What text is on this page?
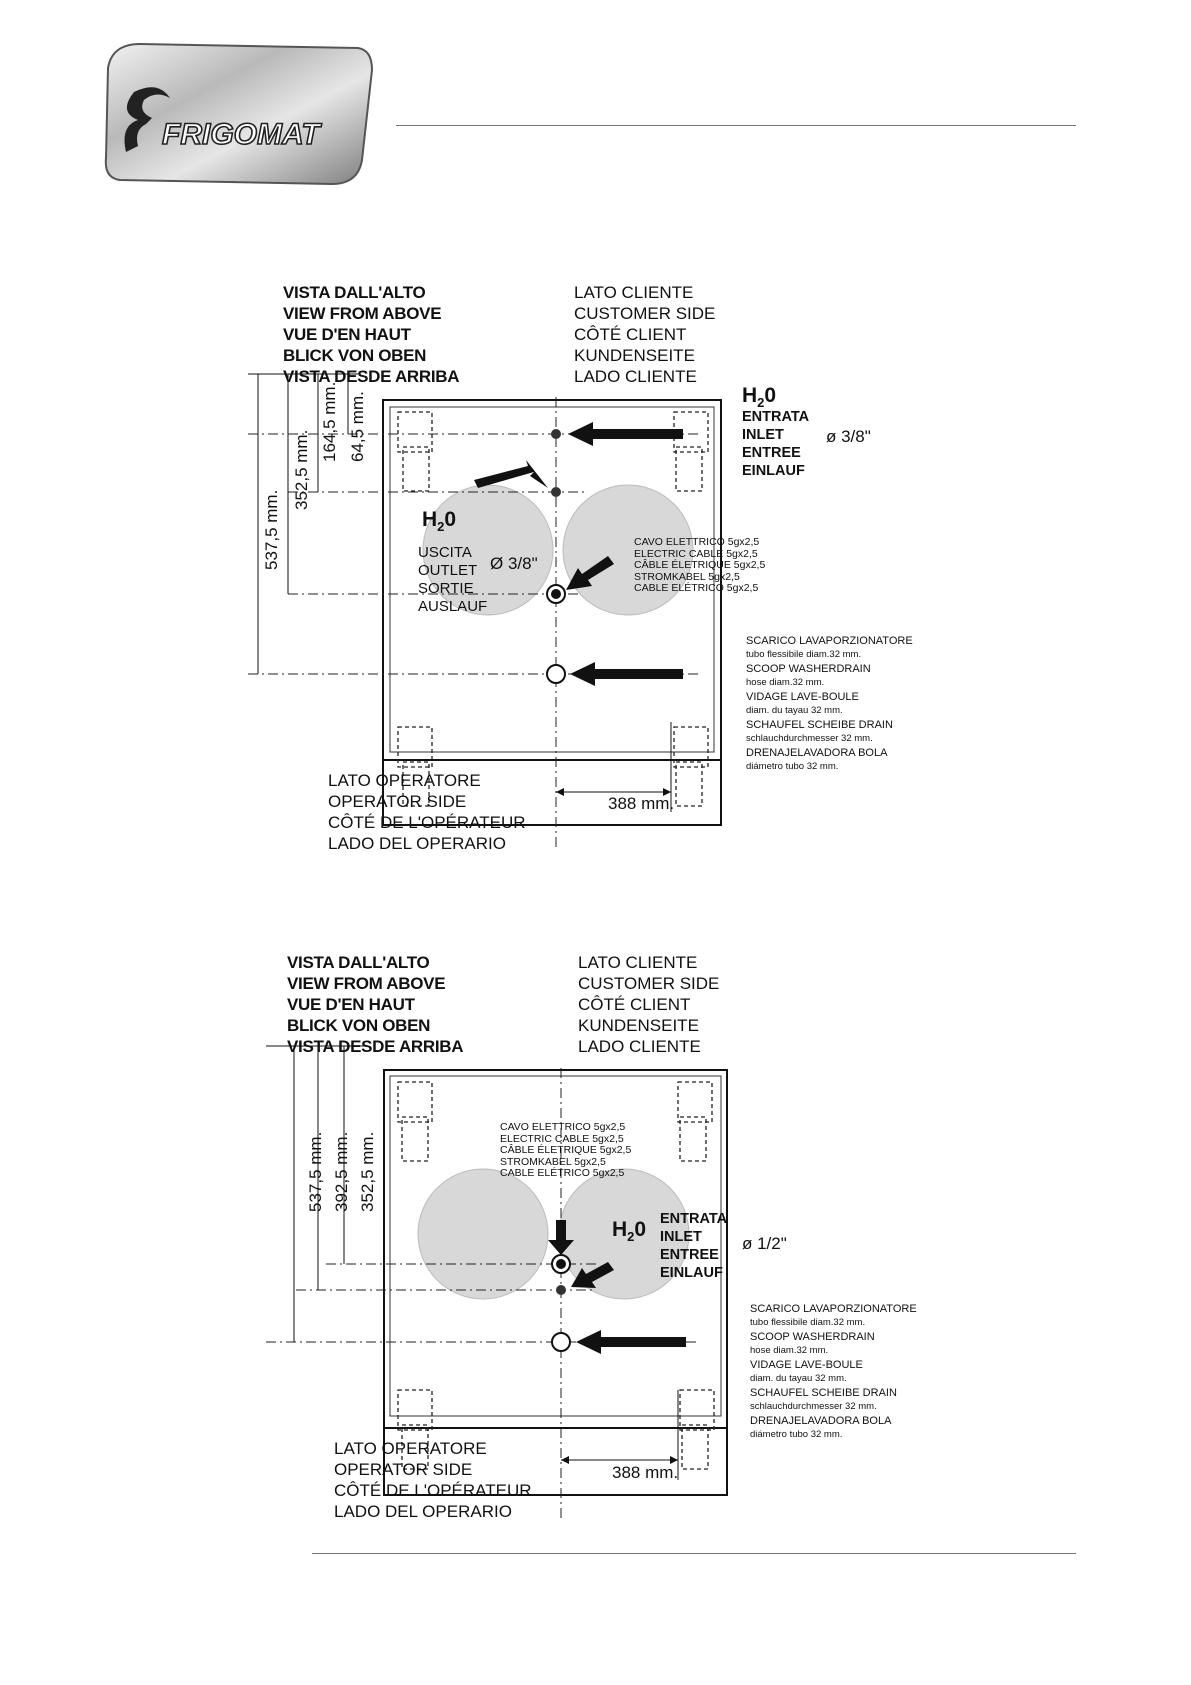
FRIGOMAT
VISTA DALL'ALTO
VIEW FROM ABOVE
VUE D'EN HAUT
BLICK VON OBEN
VISTA DESDE ARRIBA
LATO CLIENTE
CUSTOMER SIDE
CÔTÉ CLIENT
KUNDENSEITE
LADO CLIENTE
$H_20$
ENTRATA
INLET
ENTREE
EINLAUF
ø 3/8"
$H_20$
USCITA
OUTLET
SORTIE
AUSLAUF
Ø 3/8"
CAVO ELETTRICO 5gx2,5
ELECTRIC CABLE 5gx2,5
CÂBLE ÉLETRIQUE 5gx2,5
STROMKABEL 5gx2,5
CABLE ELÉTRICO 5gx2,5
SCARICO LAVAPORZIONATORE
tubo flessibile diam.32 mm.
SCOOP WASHERDRAIN
hose diam.32 mm.
VIDAGE LAVE-BOULE
diam. du tayau 32 mm.
SCHAUFEL SCHEIBE DRAIN
schlauchdurchmesser 32 mm.
DRENAJELAVADORA BOLA
diámetro tubo 32 mm.
537,5 mm.
352,5 mm.
164,5 mm. 64,5 mm.
LATO OPERATORE
OPERATOR SIDE
CÔTÉ DE L'OPÉRATEUR
LADO DEL OPERARIO
388 mm.
VISTA DALL'ALTO
VIEW FROM ABOVE
VUE D'EN HAUT
BLICK VON OBEN
VISTA DESDE ARRIBA
LATO CLIENTE
CUSTOMER SIDE
CÔTÉ CLIENT
KUNDENSEITE
LADO CLIENTE
CAVO ELETTRICO 5gx2,5
ELECTRIC CABLE 5gx2,5
CÂBLE ÉLETRIQUE 5gx2,5
STROMKABEL 5gx2,5
CABLE ELÉTRICO 5gx2,5
$H_20$ ENTRATA
INLET
ENTREE
EINLAUF
ø 1/2"
SCARICO LAVAPORZIONATORE
tubo flessibile diam.32 mm.
SCOOP WASHERDRAIN
hose diam.32 mm.
VIDAGE LAVE-BOULE
diam. du tayau 32 mm.
SCHAUFEL SCHEIBE DRAIN
schlauchdurchmesser 32 mm.
DRENAJELAVADORA BOLA
diámetro tubo 32 mm.
537,5 mm. 392,5 mm. 352,5 mm.
LATO OPERATORE
OPERATOR SIDE
CÔTÉ DE L'OPÉRATEUR
LADO DEL OPERARIO
388 mm.
